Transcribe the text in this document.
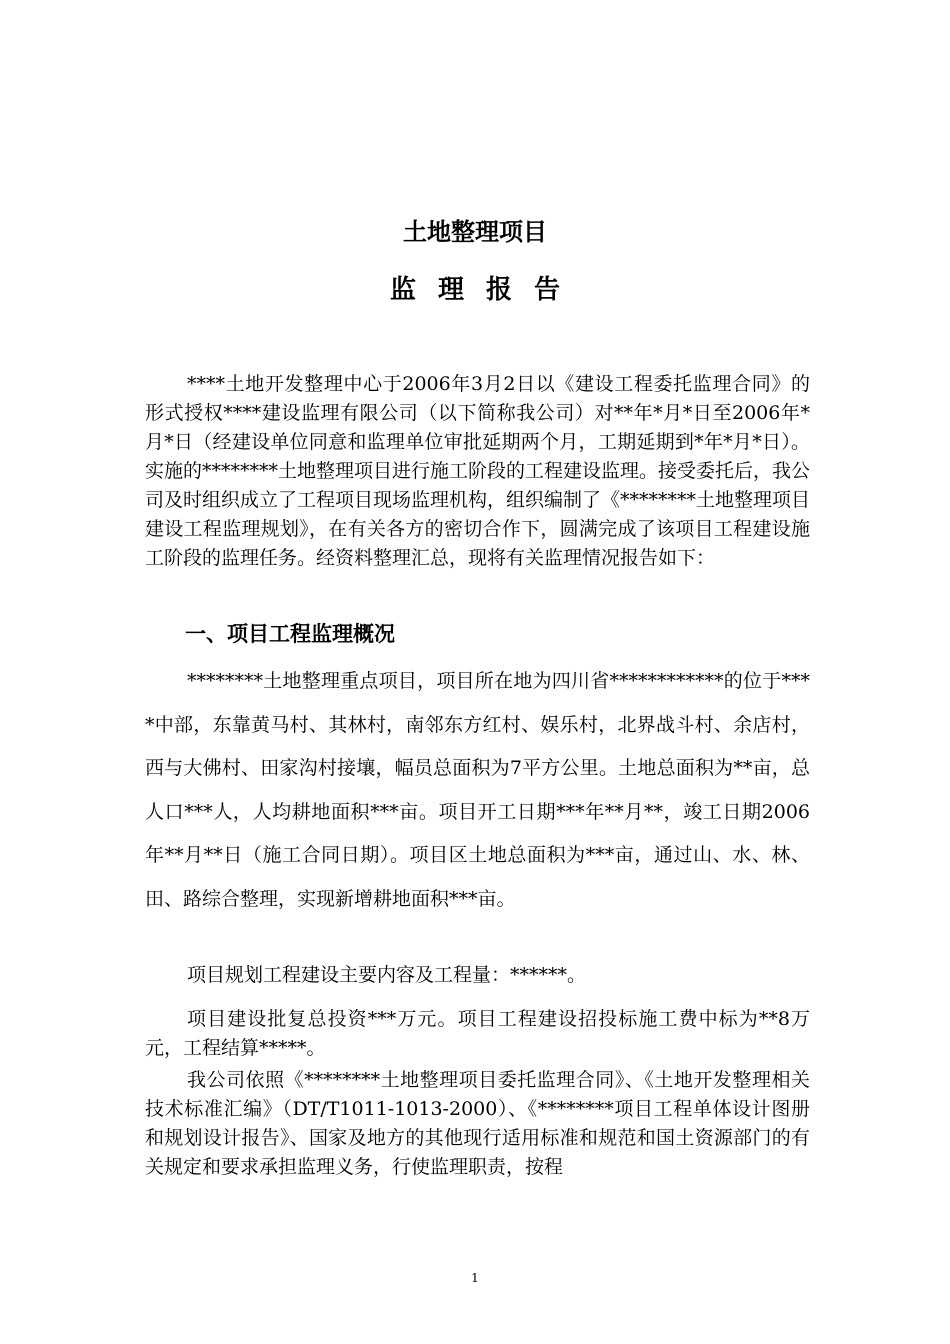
土地整理项目
监理报告

****土地开发整理中心于2006年3月2日以《建设工程委托监理合同》的形式授权****建设监理有限公司（以下简称我公司）对**年*月*日至2006年*月*日（经建设单位同意和监理单位审批延期两个月，工期延期到*年*月*日）。实施的********土地整理项目进行施工阶段的工程建设监理。接受委托后，我公司及时组织成立了工程项目现场监理机构，组织编制了《********土地整理项目建设工程监理规划》，在有关各方的密切合作下，圆满完成了该项目工程建设施工阶段的监理任务。经资料整理汇总，现将有关监理情况报告如下：

一、项目工程监理概况

********土地整理重点项目，项目所在地为四川省************的位于****中部，东靠黄马村、其林村，南邻东方红村、娱乐村，北界战斗村、余店村，西与大佛村、田家沟村接壤，幅员总面积为7平方公里。土地总面积为**亩，总人口***人，人均耕地面积***亩。项目开工日期***年**月**，竣工日期2006年**月**日（施工合同日期）。项目区土地总面积为***亩，通过山、水、林、田、路综合整理，实现新增耕地面积***亩。

项目规划工程建设主要内容及工程量：******。

项目建设批复总投资***万元。项目工程建设招投标施工费中标为**8万元，工程结算*****。

我公司依照《********土地整理项目委托监理合同》、《土地开发整理相关技术标准汇编》（DT/T1011-1013-2000）、《********项目工程单体设计图册和规划设计报告》、国家及地方的其他现行适用标准和规范和国土资源部门的有关规定和要求承担监理义务，行使监理职责，按程

1
